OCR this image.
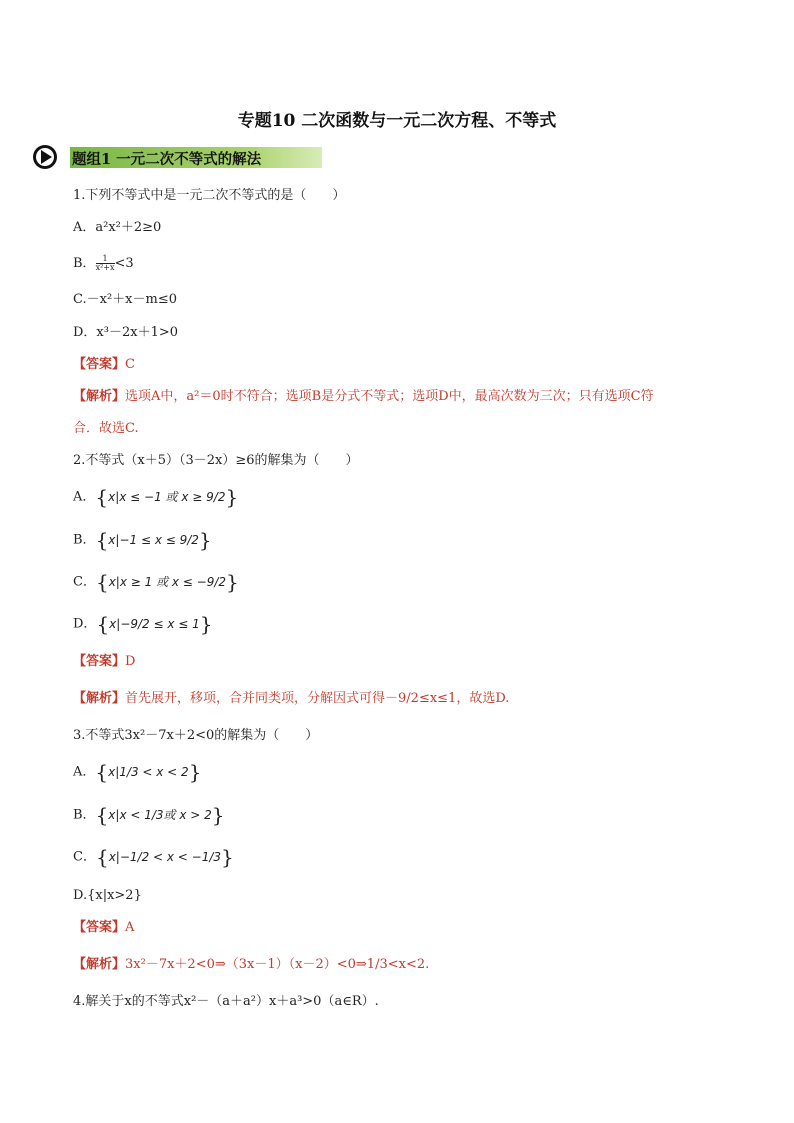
专题10 二次函数与一元二次方程、不等式
题组1 一元二次不等式的解法
1.下列不等式中是一元二次不等式的是（　　）
A．a²x²＋2≥0
B． $\frac{1}{\text{x²+x}} <3$
C.－x²＋x－m≤0
D．x³－2x＋1>0
【答案】C
【解析】选项A中，a²＝0时不符合；选项B是分式不等式；选项D中，最高次数为三次；只有选项C符
合．故选C.
2.不等式（x＋5）（3－2x）≥6的解集为（　　）
A．{x|x ≤ −1 或 x ≥ 9/2}
B．{x|−1 ≤ x ≤ 9/2}
C．{x|x ≥ 1 或 x ≤ −9/2}
D．{x|−9/2 ≤ x ≤ 1}
【答案】D
【解析】首先展开，移项，合并同类项，分解因式可得－9/2≤x≤1，故选D.
3.不等式3x²－7x＋2<0的解集为（　　）
A．{x|1/3 < x < 2}
B．{x|x < 1/3或 x > 2}
C．{x|−1/2 < x < −1/3}
D.{x|x>2}
【答案】A
【解析】3x²－7x＋2<0⇒（3x－1）（x－2）<0⇒1/3<x<2.
4.解关于x的不等式x²－（a＋a²）x＋a³>0（a∈R）.
